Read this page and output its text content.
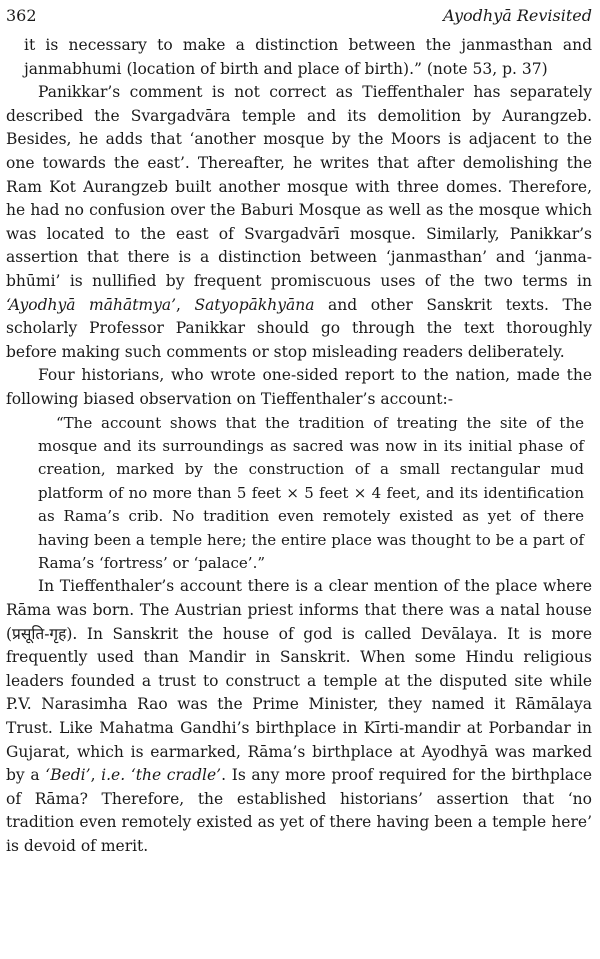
362	Ayodhyā Revisited

it is necessary to make a distinction between the janmasthan and janmabhumi (location of birth and place of birth).” (note 53, p. 37)

Panikkar’s comment is not correct as Tieffenthaler has separately described the Svargadvāra temple and its demolition by Aurangzeb. Besides, he adds that ‘another mosque by the Moors is adjacent to the one towards the east’. Thereafter, he writes that after demolishing the Ram Kot Aurangzeb built another mosque with three domes. Therefore, he had no confusion over the Baburi Mosque as well as the mosque which was located to the east of Svargadvārī mosque. Similarly, Panikkar’s assertion that there is a distinction between ‘janmasthan’ and ‘janma-bhūmi’ is nullified by frequent promiscuous uses of the two terms in ‘Ayodhyā māhātmya’, Satyopākhyāna and other Sanskrit texts. The scholarly Professor Panikkar should go through the text thoroughly before making such comments or stop misleading readers deliberately.

Four historians, who wrote one-sided report to the nation, made the following biased observation on Tieffenthaler’s account:-

“The account shows that the tradition of treating the site of the mosque and its surroundings as sacred was now in its initial phase of creation, marked by the construction of a small rectangular mud platform of no more than 5 feet × 5 feet × 4 feet, and its identification as Rama’s crib. No tradition even remotely existed as yet of there having been a temple here; the entire place was thought to be a part of Rama’s ‘fortress’ or ‘palace’.”

In Tieffenthaler’s account there is a clear mention of the place where Rāma was born. The Austrian priest informs that there was a natal house (प्रसूति-गृह). In Sanskrit the house of god is called Devālaya. It is more frequently used than Mandir in Sanskrit. When some Hindu religious leaders founded a trust to construct a temple at the disputed site while P.V. Narasimha Rao was the Prime Minister, they named it Rāmālaya Trust. Like Mahatma Gandhi’s birthplace in Kīrti-mandir at Porbandar in Gujarat, which is earmarked, Rāma’s birthplace at Ayodhyā was marked by a ‘Bedi’, i.e. ‘the cradle’. Is any more proof required for the birthplace of Rāma? Therefore, the established historians’ assertion that ‘no tradition even remotely existed as yet of there having been a temple here’ is devoid of merit.
